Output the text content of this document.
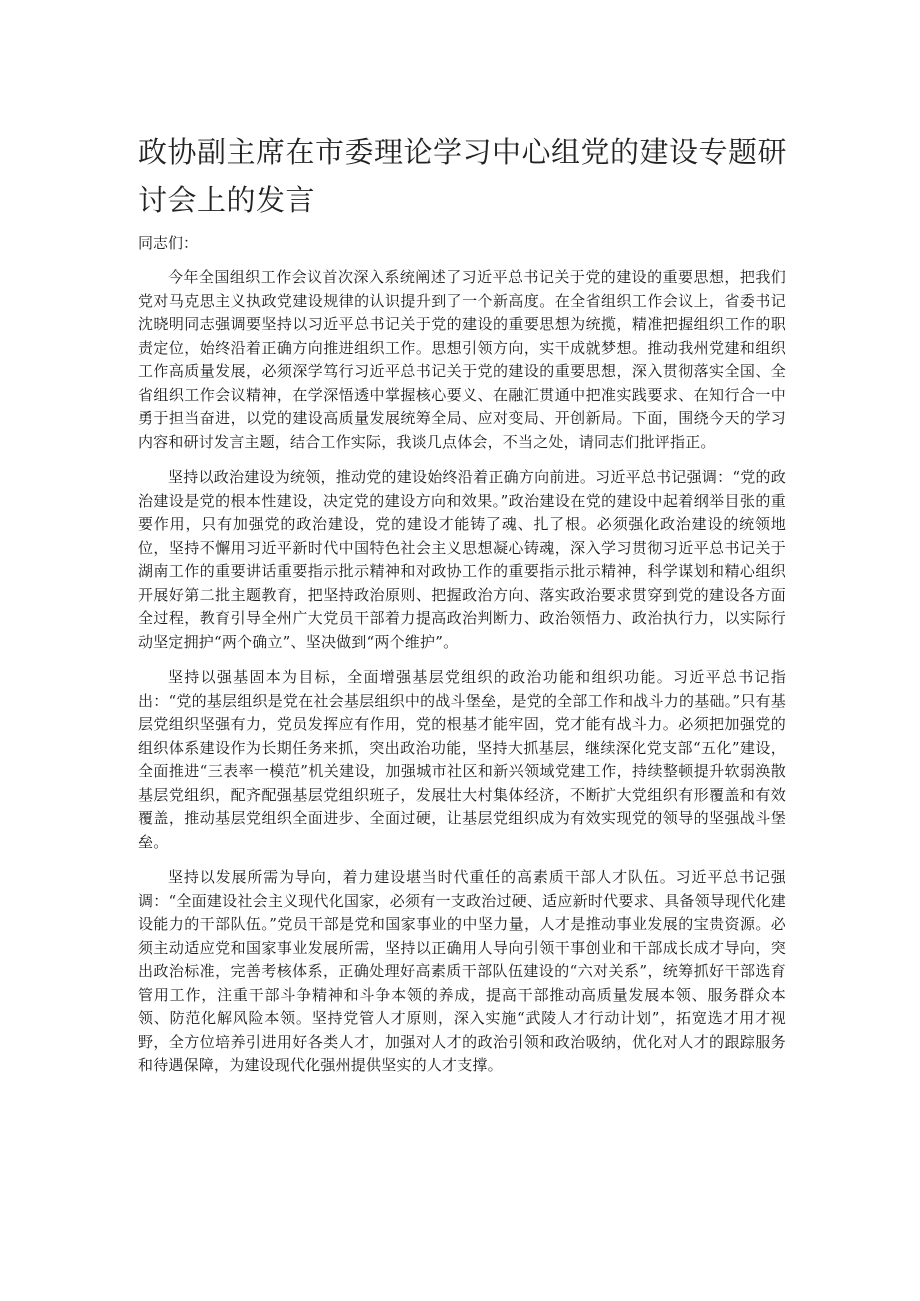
政协副主席在市委理论学习中心组党的建设专题研讨会上的发言

同志们：

今年全国组织工作会议首次深入系统阐述了习近平总书记关于党的建设的重要思想，把我们党对马克思主义执政党建设规律的认识提升到了一个新高度。在全省组织工作会议上，省委书记沈晓明同志强调要坚持以习近平总书记关于党的建设的重要思想为统揽，精准把握组织工作的职责定位，始终沿着正确方向推进组织工作。思想引领方向，实干成就梦想。推动我州党建和组织工作高质量发展，必须深学笃行习近平总书记关于党的建设的重要思想，深入贯彻落实全国、全省组织工作会议精神，在学深悟透中掌握核心要义、在融汇贯通中把准实践要求、在知行合一中勇于担当奋进，以党的建设高质量发展统筹全局、应对变局、开创新局。下面，围绕今天的学习内容和研讨发言主题，结合工作实际，我谈几点体会，不当之处，请同志们批评指正。

坚持以政治建设为统领，推动党的建设始终沿着正确方向前进。习近平总书记强调：“党的政治建设是党的根本性建设，决定党的建设方向和效果。”政治建设在党的建设中起着纲举目张的重要作用，只有加强党的政治建设，党的建设才能铸了魂、扎了根。必须强化政治建设的统领地位，坚持不懈用习近平新时代中国特色社会主义思想凝心铸魂，深入学习贯彻习近平总书记关于湖南工作的重要讲话重要指示批示精神和对政协工作的重要指示批示精神，科学谋划和精心组织开展好第二批主题教育，把坚持政治原则、把握政治方向、落实政治要求贯穿到党的建设各方面全过程，教育引导全州广大党员干部着力提高政治判断力、政治领悟力、政治执行力，以实际行动坚定拥护“两个确立”、坚决做到“两个维护”。

坚持以强基固本为目标，全面增强基层党组织的政治功能和组织功能。习近平总书记指出：“党的基层组织是党在社会基层组织中的战斗堡垒，是党的全部工作和战斗力的基础。”只有基层党组织坚强有力，党员发挥应有作用，党的根基才能牢固，党才能有战斗力。必须把加强党的组织体系建设作为长期任务来抓，突出政治功能，坚持大抓基层，继续深化党支部“五化”建设，全面推进“三表率一模范”机关建设，加强城市社区和新兴领域党建工作，持续整顿提升软弱涣散基层党组织，配齐配强基层党组织班子，发展壮大村集体经济，不断扩大党组织有形覆盖和有效覆盖，推动基层党组织全面进步、全面过硬，让基层党组织成为有效实现党的领导的坚强战斗堡垒。

坚持以发展所需为导向，着力建设堪当时代重任的高素质干部人才队伍。习近平总书记强调：“全面建设社会主义现代化国家，必须有一支政治过硬、适应新时代要求、具备领导现代化建设能力的干部队伍。”党员干部是党和国家事业的中坚力量，人才是推动事业发展的宝贵资源。必须主动适应党和国家事业发展所需，坚持以正确用人导向引领干事创业和干部成长成才导向，突出政治标准，完善考核体系，正确处理好高素质干部队伍建设的“六对关系”，统筹抓好干部选育管用工作，注重干部斗争精神和斗争本领的养成，提高干部推动高质量发展本领、服务群众本领、防范化解风险本领。坚持党管人才原则，深入实施“武陵人才行动计划”，拓宽选才用才视野，全方位培养引进用好各类人才，加强对人才的政治引领和政治吸纳，优化对人才的跟踪服务和待遇保障，为建设现代化强州提供坚实的人才支撑。
